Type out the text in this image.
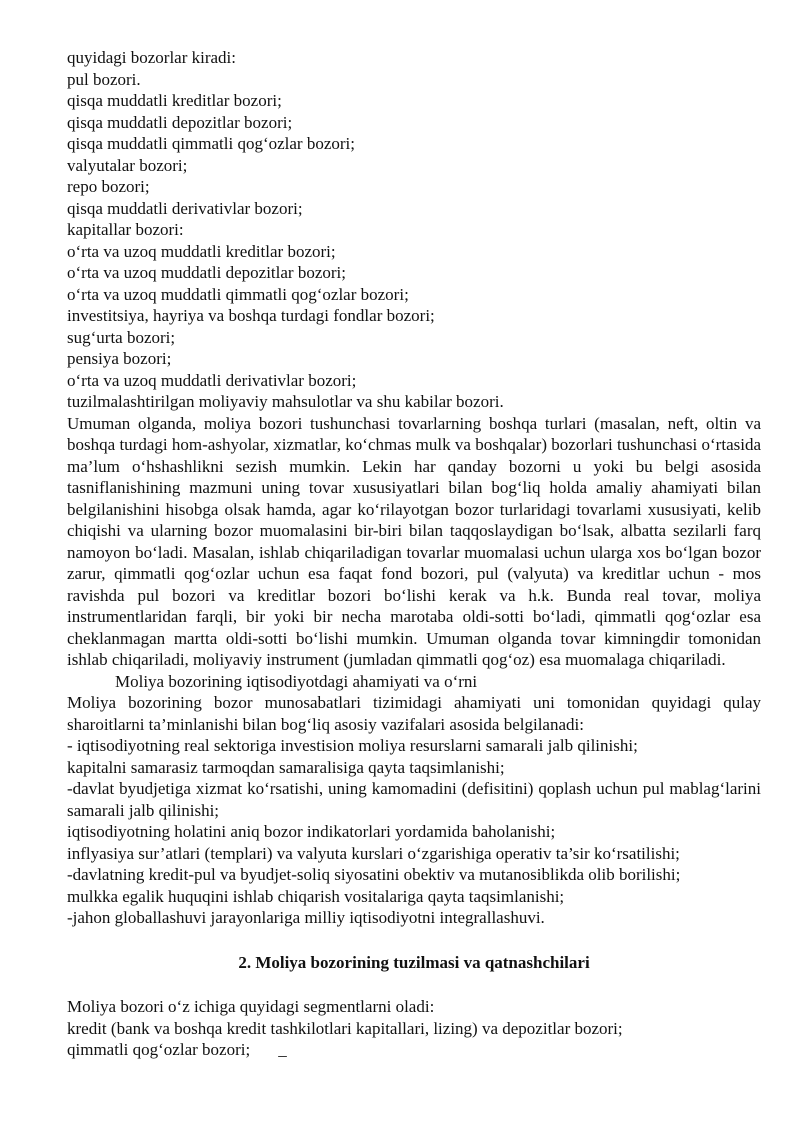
quyidagi bozorlar kiradi:

pul bozori.

qisqa muddatli kreditlar bozori;

qisqa muddatli depozitlar bozori;

qisqa muddatli qimmatli qog‘ozlar bozori;

valyutalar bozori;

repo bozori;

qisqa muddatli derivativlar bozori;

kapitallar bozori:

o‘rta va uzoq muddatli kreditlar bozori;

o‘rta va uzoq muddatli depozitlar bozori;

o‘rta va uzoq muddatli qimmatli qog‘ozlar bozori;

investitsiya, hayriya va boshqa turdagi fondlar bozori;

sug‘urta bozori;

pensiya bozori;

o‘rta va uzoq muddatli derivativlar bozori;

tuzilmalashtirilgan moliyaviy mahsulotlar va shu kabilar bozori.

Umuman olganda, moliya bozori tushunchasi tovarlarning boshqa turlari (masalan, neft, oltin va boshqa turdagi hom-ashyolar, xizmatlar, ko‘chmas mulk va boshqalar) bozorlari tushunchasi o‘rtasida ma’lum o‘hshashlikni sezish mumkin. Lekin har qanday bozorni u yoki bu belgi asosida tasniflanishining mazmuni uning tovar xususiyatlari bilan bog‘liq holda amaliy ahamiyati bilan belgilanishini hisobga olsak hamda, agar ko‘rilayotgan bozor turlaridagi tovarlami xususiyati, kelib chiqishi va ularning bozor muomalasini bir-biri bilan taqqoslaydigan bo‘lsak, albatta sezilarli farq namoyon bo‘ladi. Masalan, ishlab chiqariladigan tovarlar muomalasi uchun ularga xos bo‘lgan bozor zarur, qimmatli qog‘ozlar uchun esa faqat fond bozori, pul (valyuta) va kreditlar uchun - mos ravishda pul bozori va kreditlar bozori bo‘lishi kerak va h.k. Bunda real tovar, moliya instrumentlaridan farqli, bir yoki bir necha marotaba oldi-sotti bo‘ladi, qimmatli qog‘ozlar esa cheklanmagan martta oldi-sotti bo‘lishi mumkin. Umuman olganda tovar kimningdir tomonidan ishlab chiqariladi, moliyaviy instrument (jumladan qimmatli qog‘oz) esa muomalaga chiqariladi.

Moliya bozorining iqtisodiyotdagi ahamiyati va o‘rni

Moliya bozorining bozor munosabatlari tizimidagi ahamiyati uni tomonidan quyidagi qulay sharoitlarni ta’minlanishi bilan bog‘liq asosiy vazifalari asosida belgilanadi:

- iqtisodiyotning real sektoriga investision moliya resurslarni samarali jalb qilinishi;

kapitalni samarasiz tarmoqdan samaralisiga qayta taqsimlanishi;

-davlat byudjetiga xizmat ko‘rsatishi, uning kamomadini (defisitini) qoplash uchun pul mablag‘larini samarali jalb qilinishi;

iqtisodiyotning holatini aniq bozor indikatorlari yordamida baholanishi;

inflyasiya sur’atlari (templari) va valyuta kurslari o‘zgarishiga operativ ta’sir ko‘rsatilishi;

-davlatning kredit-pul va byudjet-soliq siyosatini obektiv va mutanosiblikda olib borilishi;

mulkka egalik huquqini ishlab chiqarish vositalariga qayta taqsimlanishi;

-jahon globallashuvi jarayonlariga milliy iqtisodiyotni integrallashuvi.

2. Moliya bozorining tuzilmasi va qatnashchilari

Moliya bozori o‘z ichiga quyidagi segmentlarni oladi:

kredit (bank va boshqa kredit tashkilotlari kapitallari, lizing) va depozitlar bozori;

qimmatli qog‘ozlar bozori; _
